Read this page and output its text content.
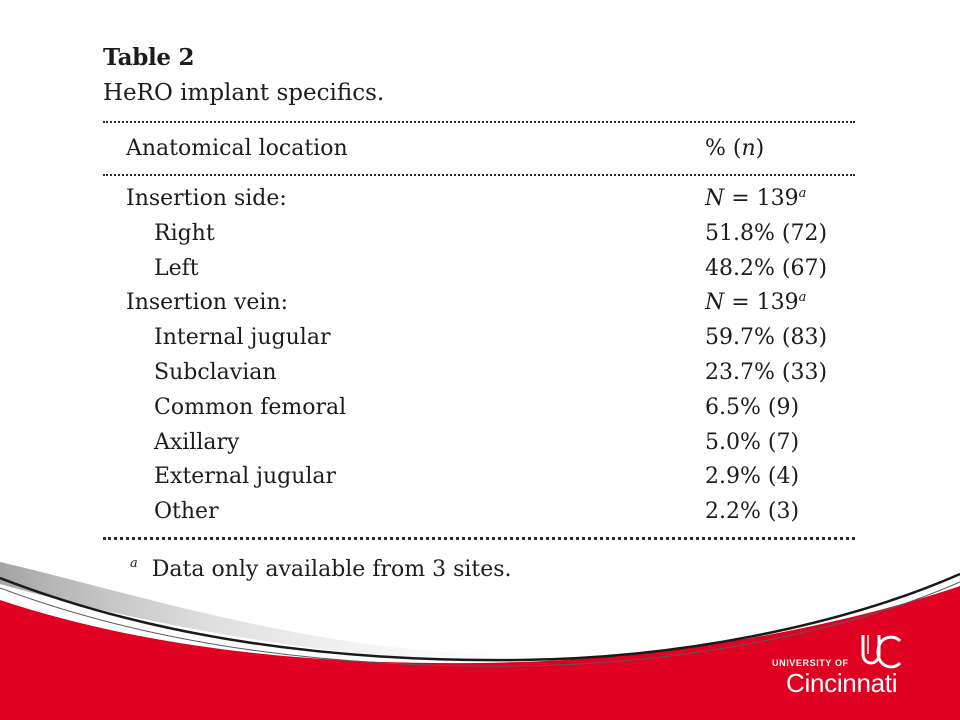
Table 2
HeRO implant specifics.
Anatomical location	% (n)
Insertion side:	$N = 139^a$
Right	51.8% (72)
Left	48.2% (67)
Insertion vein:	$N = 139^a$
Internal jugular	59.7% (83)
Subclavian	23.7% (33)
Common femoral	6.5% (9)
Axillary	5.0% (7)
External jugular	2.9% (4)
Other	2.2% (3)
$^a$ Data only available from 3 sites.
UNIVERSITY OF
Cincinnati
